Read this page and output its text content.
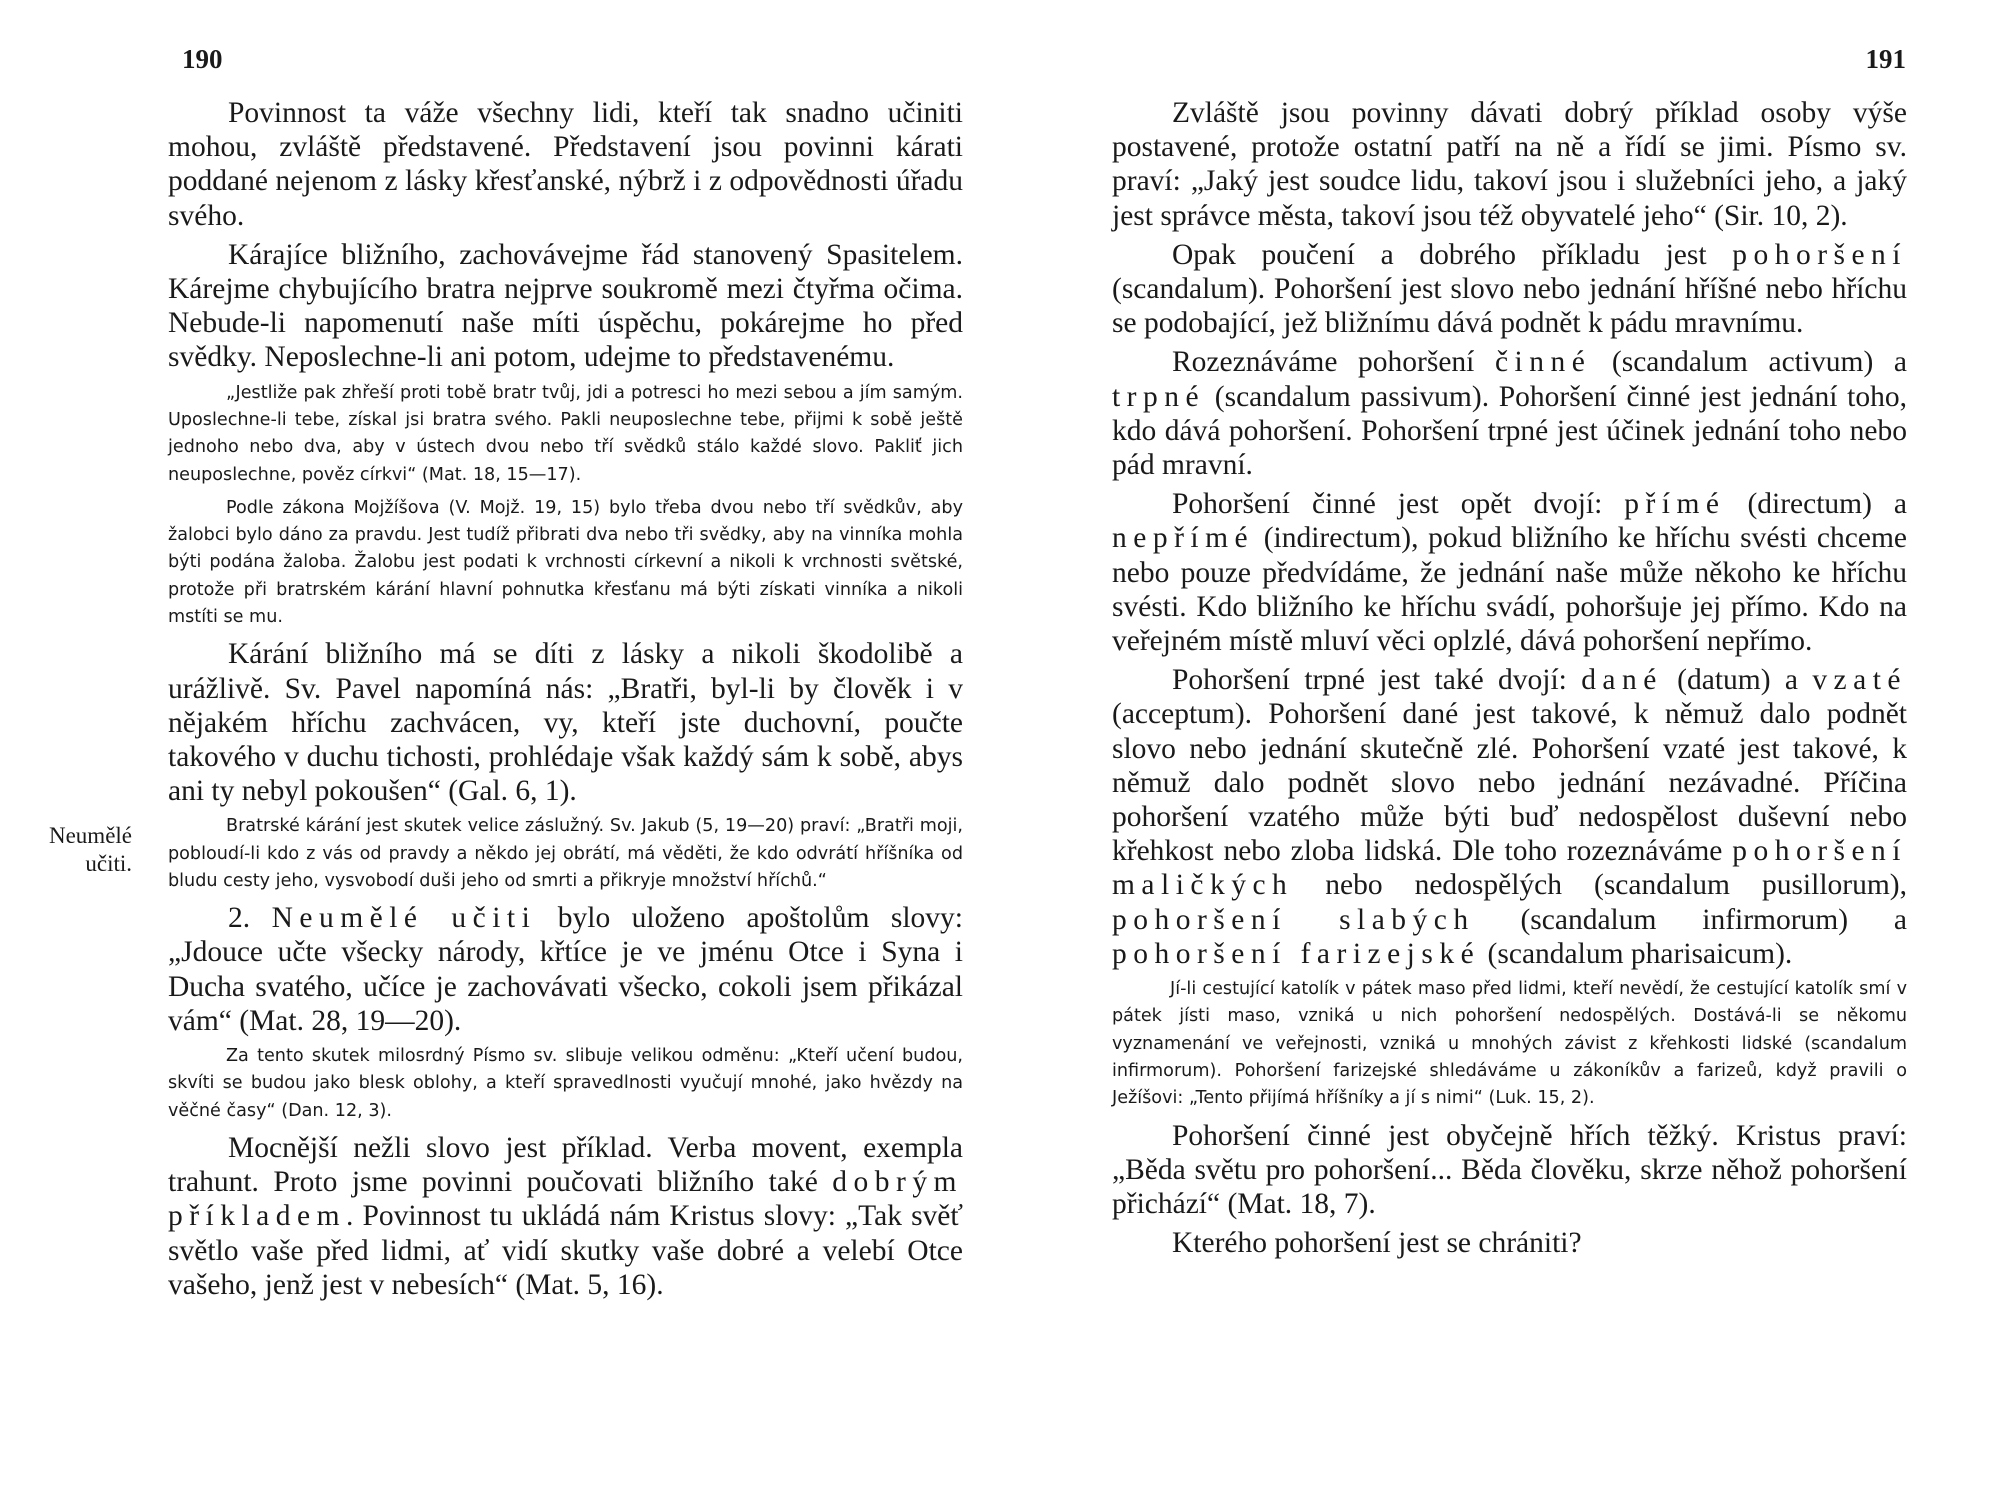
190
Neumělé
učiti.

Povinnost ta váže všechny lidi, kteří tak snadno učiniti mohou, zvláště představené. Představení jsou povinni kárati poddané nejenom z lásky křesťanské, nýbrž i z odpovědnosti úřadu svého.

Kárajíce bližního, zachovávejme řád stanovený Spasitelem. Kárejme chybujícího bratra nejprve soukromě mezi čtyřma očima. Nebude-li napomenutí naše míti úspěchu, pokárejme ho před svědky. Neposlechne-li ani potom, udejme to představenému.

„Jestliže pak zhřeší proti tobě bratr tvůj, jdi a potresci ho mezi sebou a jím samým. Uposlechne-li tebe, získal jsi bratra svého. Pakli neuposlechne tebe, přijmi k sobě ještě jednoho nebo dva, aby v ústech dvou nebo tří svědků stálo každé slovo. Pakliť jich neuposlechne, pověz církvi“ (Mat. 18, 15—17).

Podle zákona Mojžíšova (V. Mojž. 19, 15) bylo třeba dvou nebo tří svědkův, aby žalobci bylo dáno za pravdu. Jest tudíž přibrati dva nebo tři svědky, aby na vinníka mohla býti podána žaloba. Žalobu jest podati k vrchnosti církevní a nikoli k vrchnosti světské, protože při bratrském kárání hlavní pohnutka křesťanu má býti získati vinníka a nikoli mstíti se mu.

Kárání bližního má se díti z lásky a nikoli škodolibě a urážlivě. Sv. Pavel napomíná nás: „Bratři, byl-li by člověk i v nějakém hříchu zachvácen, vy, kteří jste duchovní, poučte takového v duchu tichosti, prohlédaje však každý sám k sobě, abys ani ty nebyl pokoušen“ (Gal. 6, 1).

Bratrské kárání jest skutek velice záslužný. Sv. Jakub (5, 19—20) praví: „Bratři moji, pobloudí-li kdo z vás od pravdy a někdo jej obrátí, má věděti, že kdo odvrátí hříšníka od bludu cesty jeho, vysvobodí duši jeho od smrti a přikryje množství hříchů.“

2. Neumělé učiti bylo uloženo apoštolům slovy: „Jdouce učte všecky národy, křtíce je ve jménu Otce i Syna i Ducha svatého, učíce je zachovávati všecko, cokoli jsem přikázal vám“ (Mat. 28, 19—20).

Za tento skutek milosrdný Písmo sv. slibuje velikou odměnu: „Kteří učení budou, skvíti se budou jako blesk oblohy, a kteří spravedlnosti vyučují mnohé, jako hvězdy na věčné časy“ (Dan. 12, 3).

Mocnější nežli slovo jest příklad. Verba movent, exempla trahunt. Proto jsme povinni poučovati bližního také dobrým příkladem. Povinnost tu ukládá nám Kristus slovy: „Tak svěť světlo vaše před lidmi, ať vidí skutky vaše dobré a velebí Otce vašeho, jenž jest v nebesích“ (Mat. 5, 16).

191

Zvláště jsou povinny dávati dobrý příklad osoby výše postavené, protože ostatní patří na ně a řídí se jimi. Písmo sv. praví: „Jaký jest soudce lidu, takoví jsou i služebníci jeho, a jaký jest správce města, takoví jsou též obyvatelé jeho“ (Sir. 10, 2).

Opak poučení a dobrého příkladu jest pohoršení (scandalum). Pohoršení jest slovo nebo jednání hříšné nebo hříchu se podobající, jež bližnímu dává podnět k pádu mravnímu.

Rozeznáváme pohoršení činné (scandalum activum) a trpné (scandalum passivum). Pohoršení činné jest jednání toho, kdo dává pohoršení. Pohoršení trpné jest účinek jednání toho nebo pád mravní.

Pohoršení činné jest opět dvojí: přímé (directum) a nepřímé (indirectum), pokud bližního ke hříchu svésti chceme nebo pouze předvídáme, že jednání naše může někoho ke hříchu svésti. Kdo bližního ke hříchu svádí, pohoršuje jej přímo. Kdo na veřejném místě mluví věci oplzlé, dává pohoršení nepřímo.

Pohoršení trpné jest také dvojí: dané (datum) a vzaté (acceptum). Pohoršení dané jest takové, k němuž dalo podnět slovo nebo jednání skutečně zlé. Pohoršení vzaté jest takové, k němuž dalo podnět slovo nebo jednání nezávadné. Příčina pohoršení vzatého může býti buď nedospělost duševní nebo křehkost nebo zloba lidská. Dle toho rozeznáváme pohoršení maličkých nebo nedospělých (scandalum pusillorum), pohoršení slabých (scandalum infirmorum) a pohoršení farizejské (scandalum pharisaicum).

Jí-li cestující katolík v pátek maso před lidmi, kteří nevědí, že cestující katolík smí v pátek jísti maso, vzniká u nich pohoršení nedospělých. Dostává-li se někomu vyznamenání ve veřejnosti, vzniká u mnohých závist z křehkosti lidské (scandalum infirmorum). Pohoršení farizejské shledáváme u zákoníkův a farizeů, když pravili o Ježíšovi: „Tento přijímá hříšníky a jí s nimi“ (Luk. 15, 2).

Pohoršení činné jest obyčejně hřích těžký. Kristus praví: „Běda světu pro pohoršení... Běda člověku, skrze něhož pohoršení přichází“ (Mat. 18, 7).

Kterého pohoršení jest se chrániti?
